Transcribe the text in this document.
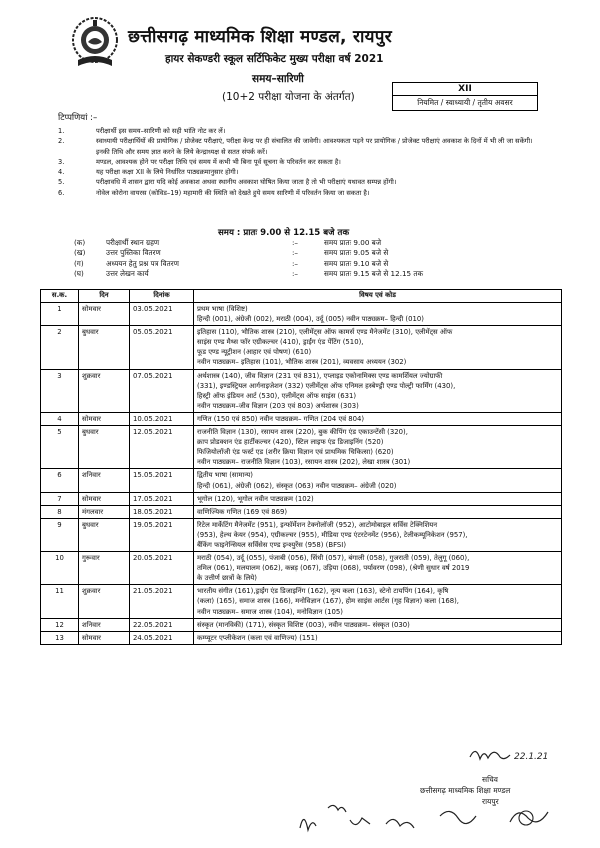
छत्तीसगढ़ माध्यमिक शिक्षा मण्डल, रायपुर
हायर सेकण्डरी स्कूल सर्टिफिकेट मुख्य परीक्षा वर्ष 2021
समय–सारिणी
(10+2 परीक्षा योजना के अंतर्गत)
XII
नियमित / स्वाध्यायी / तृतीय अवसर
टिप्पणियां :–
1.	परीक्षार्थी इस समय–सारिणी को सही भांति नोट कर लें।
2.	स्वाध्यायी परीक्षार्थियों की प्रायोगिक / प्रोजेक्ट परीक्षाएं, परीक्षा केन्द्र पर ही संचालित की जावेगी। आवश्यकता पड़ने पर प्रायोगिक / प्रोजेक्ट परीक्षाएं अवकाश के दिनों में भी ली जा सकेंगी। इनकी तिथि और समय ज्ञात करने के लिये केन्द्राध्यक्ष से सतत संपर्क करें।
3.	मण्डल, आवश्यक होने पर परीक्षा तिथि एवं समय में कभी भी बिना पूर्व सूचना के परिवर्तन कर सकता है।
4.	यह परीक्षा कक्षा XII के लिये निर्धारित पाठ्यक्रमानुसार होगी।
5.	परीक्षावधि में शासन द्वारा यदि कोई अवकाश अथवा स्थानीय अवकाश घोषित किया जाता है तो भी परीक्षाएं यथावत सम्पन्न होंगी।
6.	नोवेल कोरोना वायरस (कोविड–19) महामारी की स्थिति को देखते हुये समय सारिणी में परिवर्तन किया जा सकता है।
समय : प्रातः 9.00 से 12.15 बजे तक
(क)	परीक्षार्थी स्थान ग्रहण	:–	समय प्रातः 9.00 बजे
(ख)	उत्तर पुस्तिका वितरण	:–	समय प्रातः 9.05 बजे से
(ग)	अध्ययन हेतु प्रश्न पत्र वितरण	:–	समय प्रातः 9.10 बजे से
(घ)	उत्तर लेखन कार्य	:–	समय प्रातः 9.15 बजे से 12.15 तक
स.क.	दिन	दिनांक	विषय एवं कोड
1	सोमवार	03.05.2021	प्रथम भाषा (विशिष्ट)
हिन्दी (001), अंग्रेजी (002), मराठी (004), उर्दू (005) नवीन पाठ्यक्रम– हिन्दी (010)

2	बुधवार	05.05.2021	इतिहास (110), भौतिक शास्त्र (210), एलीमेंट्स ऑफ कामर्स एण्ड मैनेजमेंट (310), एलीमेंट्स ऑफ
साइंस एण्ड मैथ्स फॉर एग्रीकल्चर (410), ड्राईंग एंड पेंटिंग (510),
फूड एण्ड न्यूट्रीशन (आहार एवं पोषण) (610)
नवीन पाठ्यक्रम– इतिहास (101), भौतिक शास्त्र (201), व्यवसाय अध्ययन (302)

3	शुक्रवार	07.05.2021	अर्थशास्त्र (140), जीव विज्ञान (231 एवं 831), एप्लाइड एकोनामिक्स एण्ड कामर्शियल ज्योग्राफी
(331), इण्डस्ट्रियल आर्गनाइजेशन (332) एलीमेंट्स ऑफ एनिमल हस्बेण्ड्री एण्ड पोल्ट्री फार्मिंग (430),
हिस्ट्री ऑफ इंडियन आर्ट (530), एलीमेंट्स ऑफ साइंस (631)
नवीन पाठ्यक्रम–जीव विज्ञान (203 एवं 803) अर्थशास्त्र (303)

4	सोमवार	10.05.2021	गणित (150 एवं 850) नवीन पाठ्यक्रम– गणित (204 एवं 804)

5	बुधवार	12.05.2021	राजनीति विज्ञान (130), रसायन शास्त्र (220), बुक कीपिंग एंड एकाउन्टेंसी (320),
क्राप प्रोडक्शन एंड हार्टीकल्चर (420), स्टिल लाइफ एंड डिजाइनिंग (520)
फिजियोलॉजी एंड फर्स्ट एड (शरीर क्रिया विज्ञान एवं प्राथमिक चिकित्सा) (620)
नवीन पाठ्यक्रम– राजनीति विज्ञान (103), रसायन शास्त्र (202), लेखा शास्त्र (301)

6	शनिवार	15.05.2021	द्वितीय भाषा (सामान्य)
हिन्दी (061), अंग्रेजी (062), संस्कृत (063) नवीन पाठ्यक्रम– अंग्रेजी (020)

7	सोमवार	17.05.2021	भूगोल (120), भूगोल नवीन पाठ्यक्रम (102)

8	मंगलवार	18.05.2021	वाणिज्यिक गणित (169 एवं 869)

9	बुधवार	19.05.2021	रिटेल मार्केटिंग मैनेजमेंट (951), इन्फॉर्मेशन टेक्नोलॉजी (952), आटोमोबाइल सर्विस टेक्निशियन
(953), हेल्थ केयर (954), एग्रीकल्चर (955), मीडिया एण्ड एंटरटेनमेंट (956), टेलीकम्यूनिकेशन (957),
बैंकिंग फाइनेन्सियल सर्विसेस एण्ड इन्श्युरेंस (958) (BFSI)

10	गुरूवार	20.05.2021	मराठी (054), उर्दू (055), पंजाबी (056), सिंधी (057), बंगाली (058), गुजराती (059), तेलुगू (060),
तमिल (061), मलयालम (062), कन्नड़ (067), उड़िया (068), पर्यावरण (098), (श्रेणी सुधार वर्ष 2019
के उत्तीर्ण छात्रों के लिये)

11	शुक्रवार	21.05.2021	भारतीय संगीत (161),ड्राईंग एंड डिजाइनिंग (162), नृत्य कला (163), स्टेनो टायपिंग (164), कृषि
(कला) (165), समाज शास्त्र (166), मनोविज्ञान (167), होम साइंस आर्टस (गृह विज्ञान) कला (168),
नवीन पाठ्यक्रम– समाज शास्त्र (104), मनोविज्ञान (105)

12	शनिवार	22.05.2021	संस्कृत (मानविकी) (171), संस्कृत विशिष्ट (003), नवीन पाठ्यक्रम– संस्कृत (030)

13	सोमवार	24.05.2021	कम्प्यूटर एप्लीकेशन (कला एवं वाणिज्य) (151)
22.1.21
सचिव
छत्तीसगढ़ माध्यमिक शिक्षा मण्डल
रायपुर
